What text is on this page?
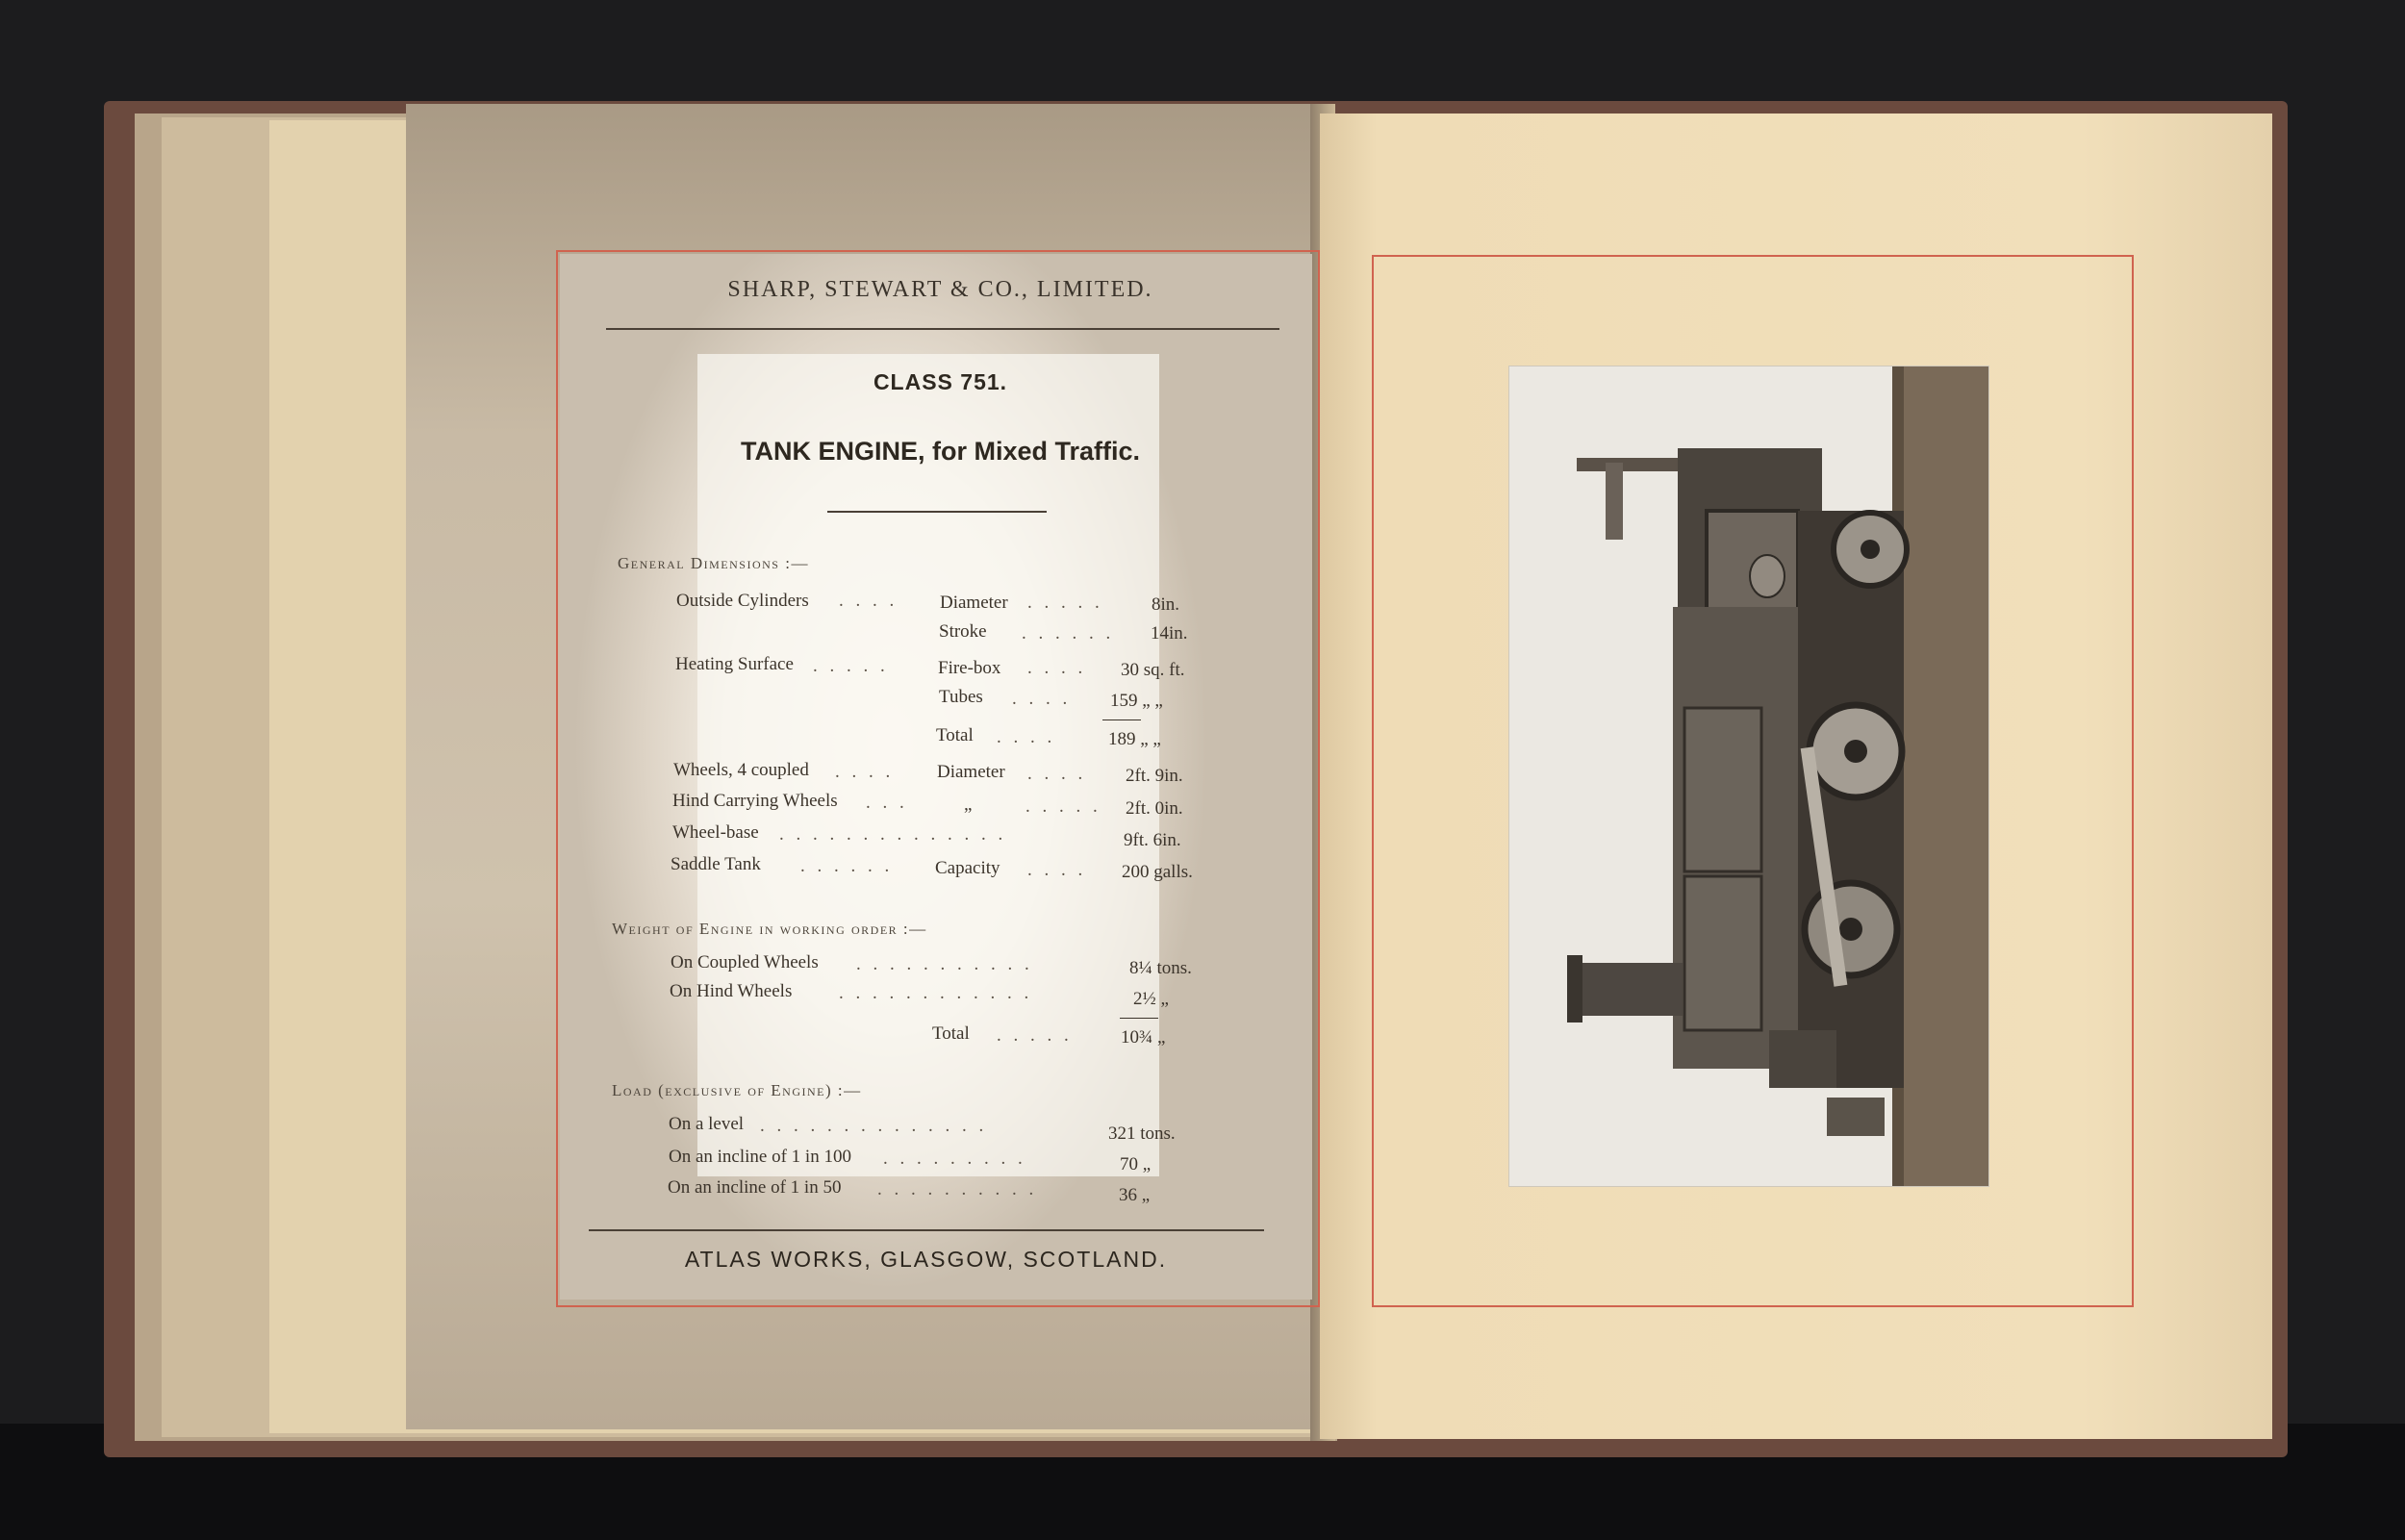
SHARP, STEWART & CO., LIMITED.
CLASS 751.
TANK ENGINE, for Mixed Traffic.
General Dimensions :—
Outside Cylinders . . . . Diameter . . . . .	8in.
Stroke . . . . . . 14in.
Heating Surface . . . . .	Fire-box . . . . 30 sq. ft.
Tubes . . . . 159 „ „
Total . . . .	189 „ „
Wheels, 4 coupled . . . . Diameter . . . . 2ft. 9in.
Hind Carrying Wheels . . .	„	. . . . . 2ft. 0in.
Wheel-base . . . . . . . . . . . . . .	9ft. 6in.
Saddle Tank . . . . . . Capacity . . . . 200 galls.
Weight of Engine in working order :—
On Coupled Wheels . . . . . . . . . . .	8¼ tons.
On Hind Wheels	. . . . . . . . . . . .	2½ „
Total . . . . .	10¾ „
Load (exclusive of Engine) :—
On a level . . . . . . . . . . . . . .	321 tons.
On an incline of 1 in 100 . . . . . . . . .	70 „
On an incline of 1 in 50 . . . . . . . . . .	36 „
ATLAS WORKS, GLASGOW, SCOTLAND.
